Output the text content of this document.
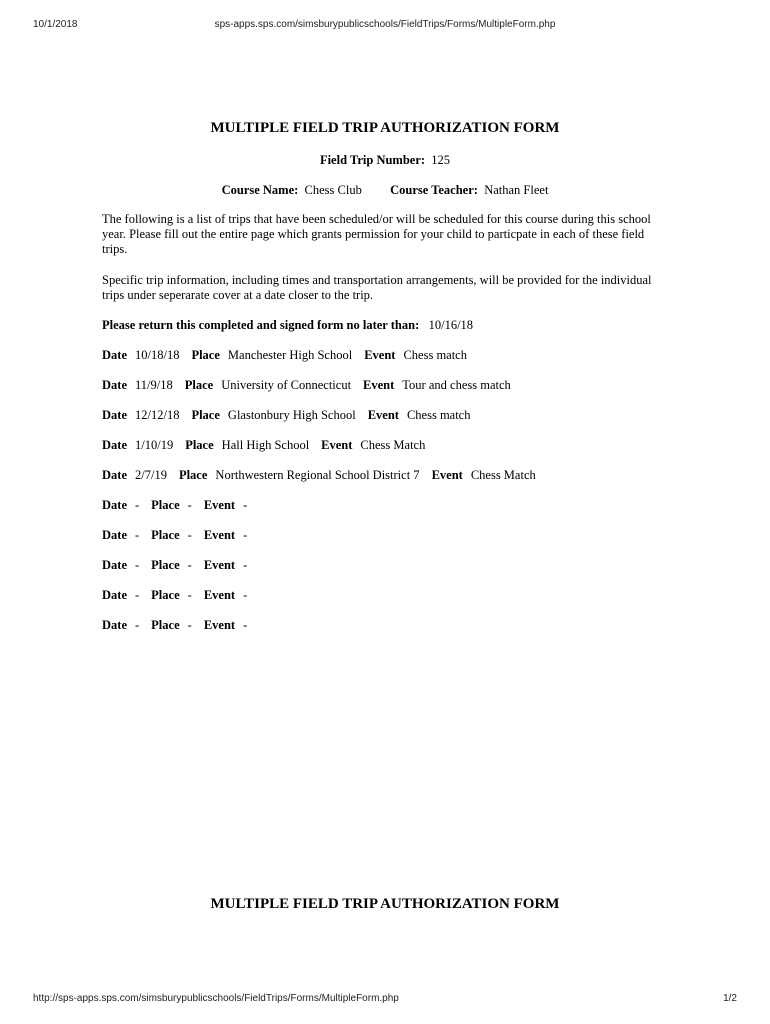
10/1/2018	sps-apps.sps.com/simsburypublicschools/FieldTrips/Forms/MultipleForm.php
MULTIPLE FIELD TRIP AUTHORIZATION FORM
Field Trip Number: 125
Course Name: Chess Club Course Teacher: Nathan Fleet
The following is a list of trips that have been scheduled/or will be scheduled for this course during this school year. Please fill out the entire page which grants permission for your child to particpate in each of these field trips.
Specific trip information, including times and transportation arrangements, will be provided for the individual trips under seperarate cover at a date closer to the trip.
Please return this completed and signed form no later than: 10/16/18
Date 10/18/18 Place Manchester High School Event Chess match
Date 11/9/18 Place University of Connecticut Event Tour and chess match
Date 12/12/18 Place Glastonbury High School Event Chess match
Date 1/10/19 Place Hall High School Event Chess Match
Date 2/7/19 Place Northwestern Regional School District 7 Event Chess Match
Date - Place - Event -
Date - Place - Event -
Date - Place - Event -
Date - Place - Event -
Date - Place - Event -
MULTIPLE FIELD TRIP AUTHORIZATION FORM
http://sps-apps.sps.com/simsburypublicschools/FieldTrips/Forms/MultipleForm.php	1/2
